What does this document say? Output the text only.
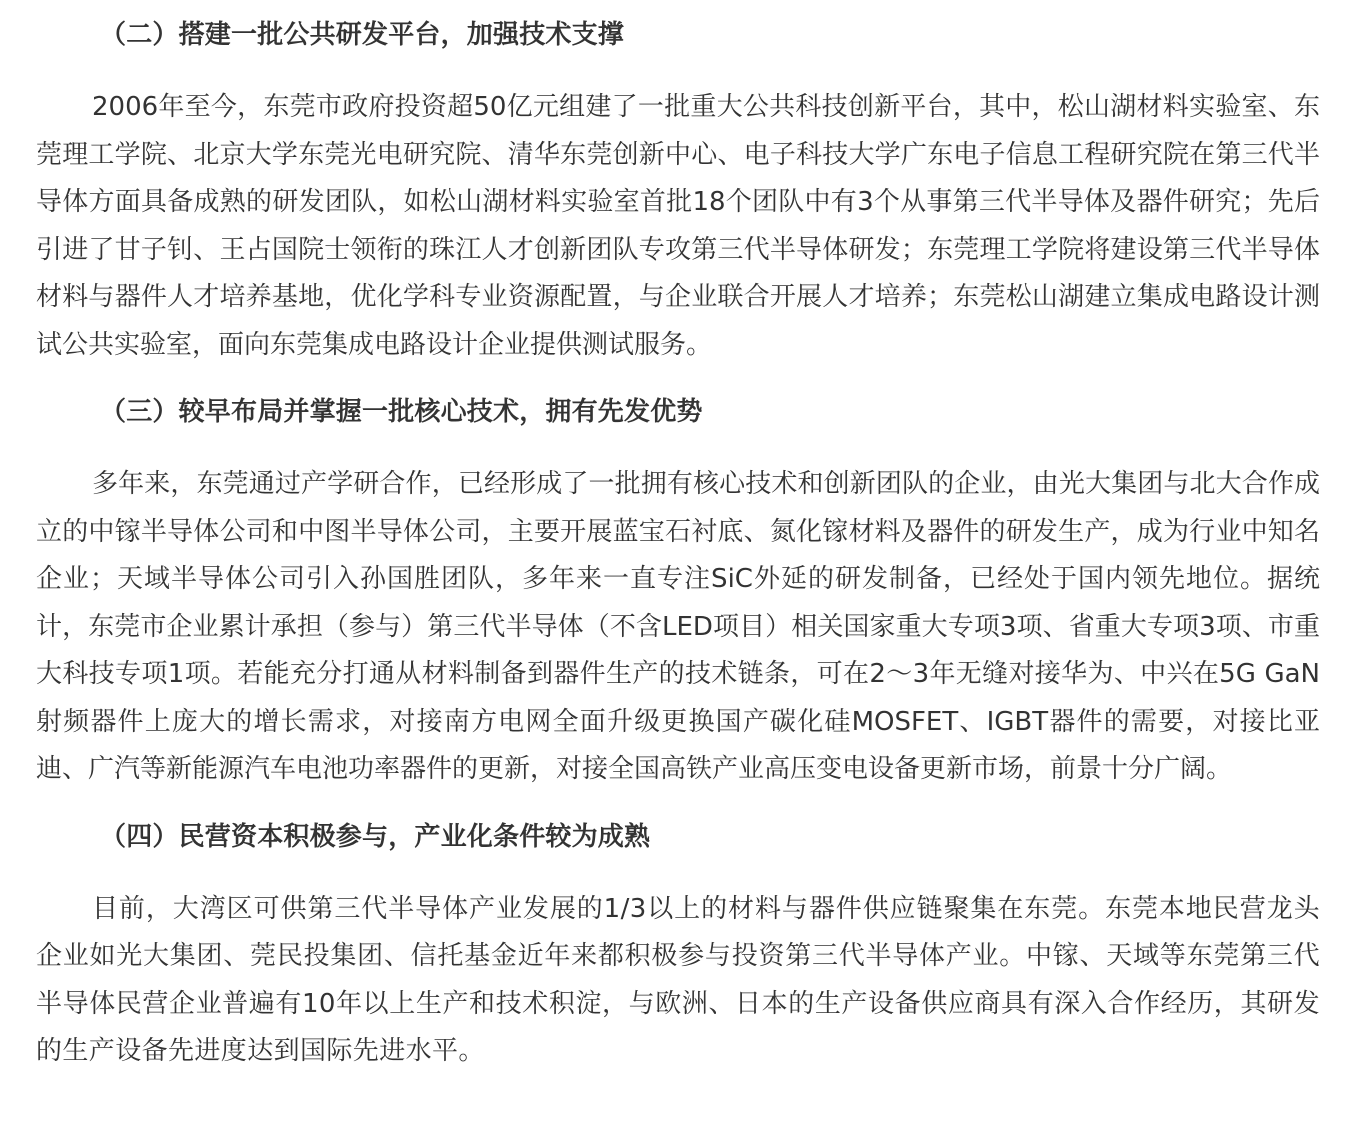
（二）搭建一批公共研发平台，加强技术支撑

2006年至今，东莞市政府投资超50亿元组建了一批重大公共科技创新平台，其中，松山湖材料实验室、东莞理工学院、北京大学东莞光电研究院、清华东莞创新中心、电子科技大学广东电子信息工程研究院在第三代半导体方面具备成熟的研发团队，如松山湖材料实验室首批18个团队中有3个从事第三代半导体及器件研究；先后引进了甘子钊、王占国院士领衔的珠江人才创新团队专攻第三代半导体研发；东莞理工学院将建设第三代半导体材料与器件人才培养基地，优化学科专业资源配置，与企业联合开展人才培养；东莞松山湖建立集成电路设计测试公共实验室，面向东莞集成电路设计企业提供测试服务。

（三）较早布局并掌握一批核心技术，拥有先发优势

多年来，东莞通过产学研合作，已经形成了一批拥有核心技术和创新团队的企业，由光大集团与北大合作成立的中镓半导体公司和中图半导体公司，主要开展蓝宝石衬底、氮化镓材料及器件的研发生产，成为行业中知名企业；天域半导体公司引入孙国胜团队，多年来一直专注SiC外延的研发制备，已经处于国内领先地位。据统计，东莞市企业累计承担（参与）第三代半导体（不含LED项目）相关国家重大专项3项、省重大专项3项、市重大科技专项1项。若能充分打通从材料制备到器件生产的技术链条，可在2～3年无缝对接华为、中兴在5G GaN射频器件上庞大的增长需求，对接南方电网全面升级更换国产碳化硅MOSFET、IGBT器件的需要，对接比亚迪、广汽等新能源汽车电池功率器件的更新，对接全国高铁产业高压变电设备更新市场，前景十分广阔。

（四）民营资本积极参与，产业化条件较为成熟

目前，大湾区可供第三代半导体产业发展的1/3以上的材料与器件供应链聚集在东莞。东莞本地民营龙头企业如光大集团、莞民投集团、信托基金近年来都积极参与投资第三代半导体产业。中镓、天域等东莞第三代半导体民营企业普遍有10年以上生产和技术积淀，与欧洲、日本的生产设备供应商具有深入合作经历，其研发的生产设备先进度达到国际先进水平。
